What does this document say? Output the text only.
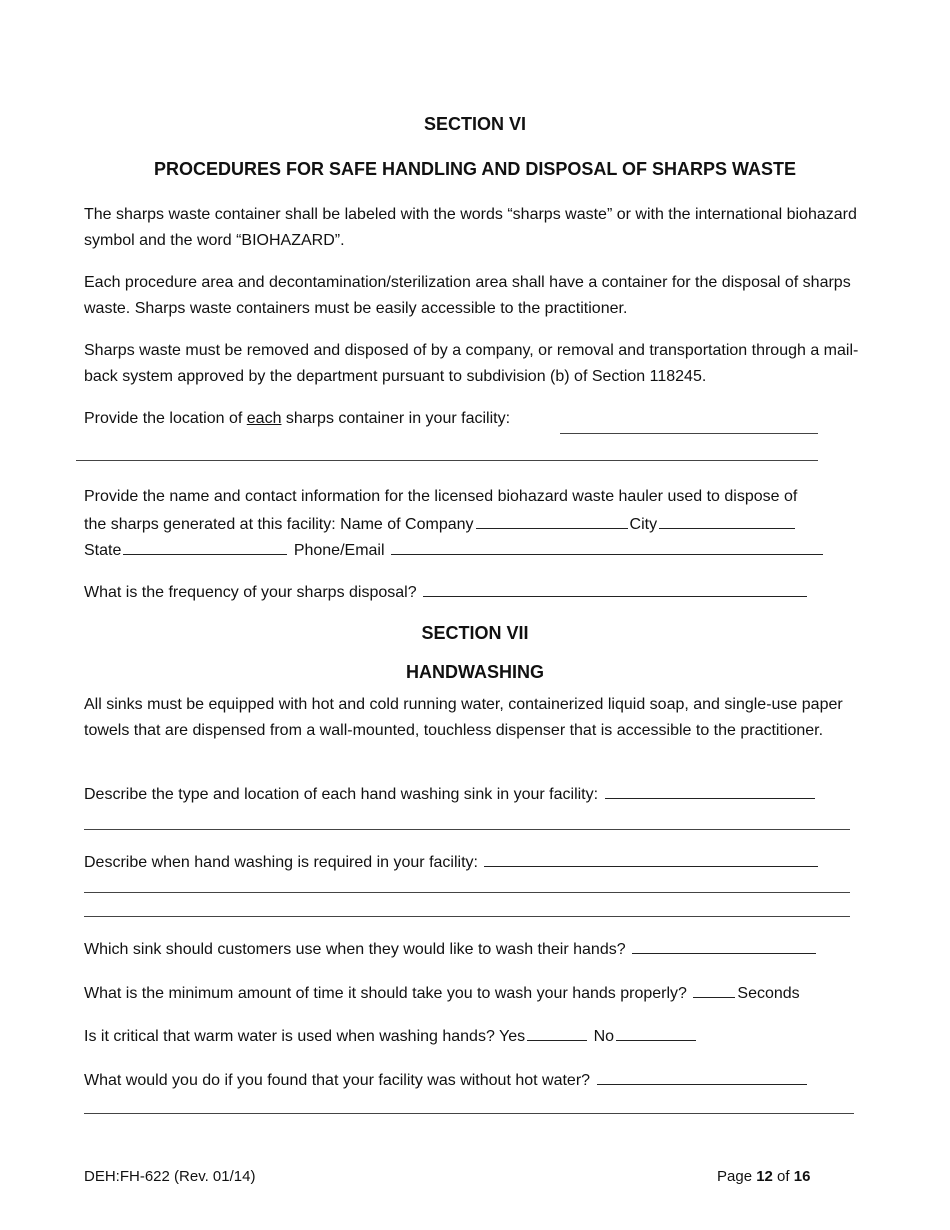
SECTION VI
PROCEDURES FOR SAFE HANDLING AND DISPOSAL OF SHARPS WASTE
The sharps waste container shall be labeled with the words “sharps waste” or with the international biohazard symbol and the word “BIOHAZARD”.
Each procedure area and decontamination/sterilization area shall have a container for the disposal of sharps waste. Sharps waste containers must be easily accessible to the practitioner.
Sharps waste must be removed and disposed of by a company, or removal and transportation through a mail-back system approved by the department pursuant to subdivision (b) of Section 118245.
Provide the location of each sharps container in your facility:
Provide the name and contact information for the licensed biohazard waste hauler used to dispose of
the sharps generated at this facility: Name of Company	City
State	Phone/Email
What is the frequency of your sharps disposal?
SECTION VII
HANDWASHING
All sinks must be equipped with hot and cold running water, containerized liquid soap, and single-use paper towels that are dispensed from a wall-mounted, touchless dispenser that is accessible to the practitioner.
Describe the type and location of each hand washing sink in your facility:
Describe when hand washing is required in your facility:
Which sink should customers use when they would like to wash their hands?
What is the minimum amount of time it should take you to wash your hands properly?	Seconds
Is it critical that warm water is used when washing hands? Yes	No
What would you do if you found that your facility was without hot water?
DEH:FH-622 (Rev. 01/14)	Page 12 of 16
